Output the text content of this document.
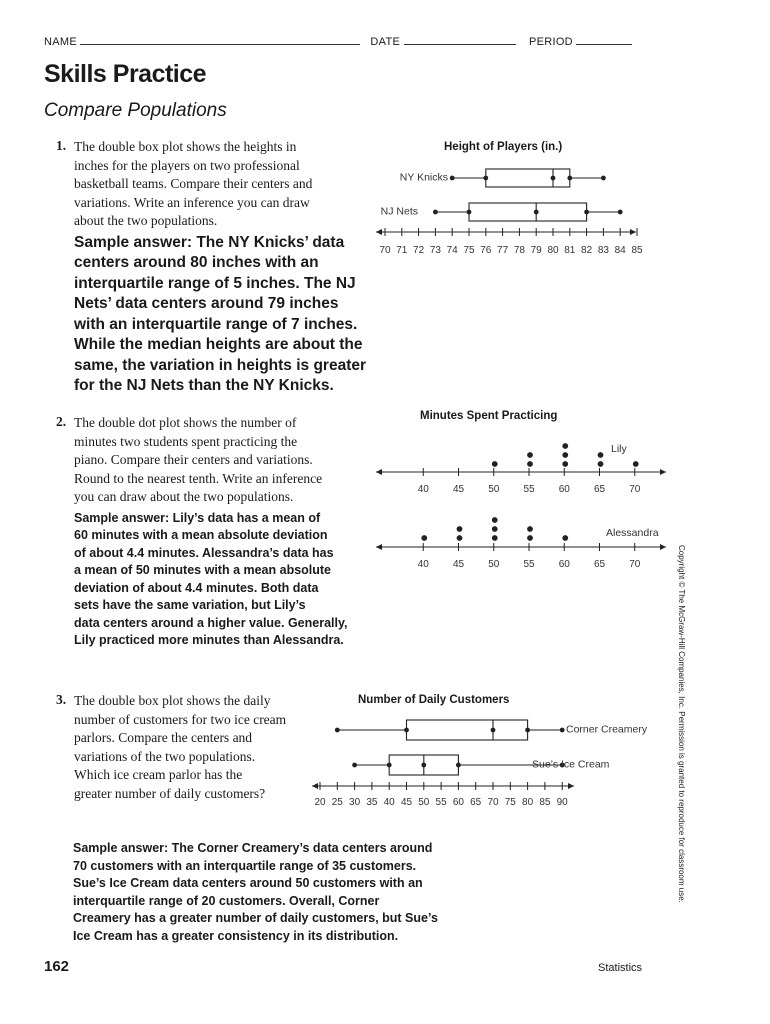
NAME	DATE	PERIOD
Skills Practice
Compare Populations
1. The double box plot shows the heights in
inches for the players on two professional
basketball teams. Compare their centers and
variations. Write an inference you can draw
about the two populations.
Sample answer: The NY Knicks’ data
centers around 80 inches with an
interquartile range of 5 inches. The NJ
Nets’ data centers around 79 inches
with an interquartile range of 7 inches.
While the median heights are about the
same, the variation in heights is greater
for the NJ Nets than the NY Knicks.
Height of Players (in.)
NY Knicks
NJ Nets
70 71 72 73 74 75 76 77 78 79 80 81 82 83 84 85
2. The double dot plot shows the number of
minutes two students spent practicing the
piano. Compare their centers and variations.
Round to the nearest tenth. Write an inference
you can draw about the two populations.
Sample answer: Lily’s data has a mean of
60 minutes with a mean absolute deviation
of about 4.4 minutes. Alessandra’s data has
a mean of 50 minutes with a mean absolute
deviation of about 4.4 minutes. Both data
sets have the same variation, but Lily’s
data centers around a higher value. Generally,
Lily practiced more minutes than Alessandra.
Minutes Spent Practicing
40 45 50 55 60 65 70
Lily
40 45 50 55 60 65 70
Alessandra
3. The double box plot shows the daily
number of customers for two ice cream
parlors. Compare the centers and
variations of the two populations.
Which ice cream parlor has the
greater number of daily customers?
Number of Daily Customers
Corner Creamery
Sue’s Ice Cream
20 25 30 35 40 45 50 55 60 65 70 75 80 85 90
Sample answer: The Corner Creamery’s data centers around
70 customers with an interquartile range of 35 customers.
Sue’s Ice Cream data centers around 50 customers with an
interquartile range of 20 customers. Overall, Corner
Creamery has a greater number of daily customers, but Sue’s
Ice Cream has a greater consistency in its distribution.
162	Statistics
Copyright © The McGraw-Hill Companies, Inc. Permission is granted to reproduce for classroom use.
